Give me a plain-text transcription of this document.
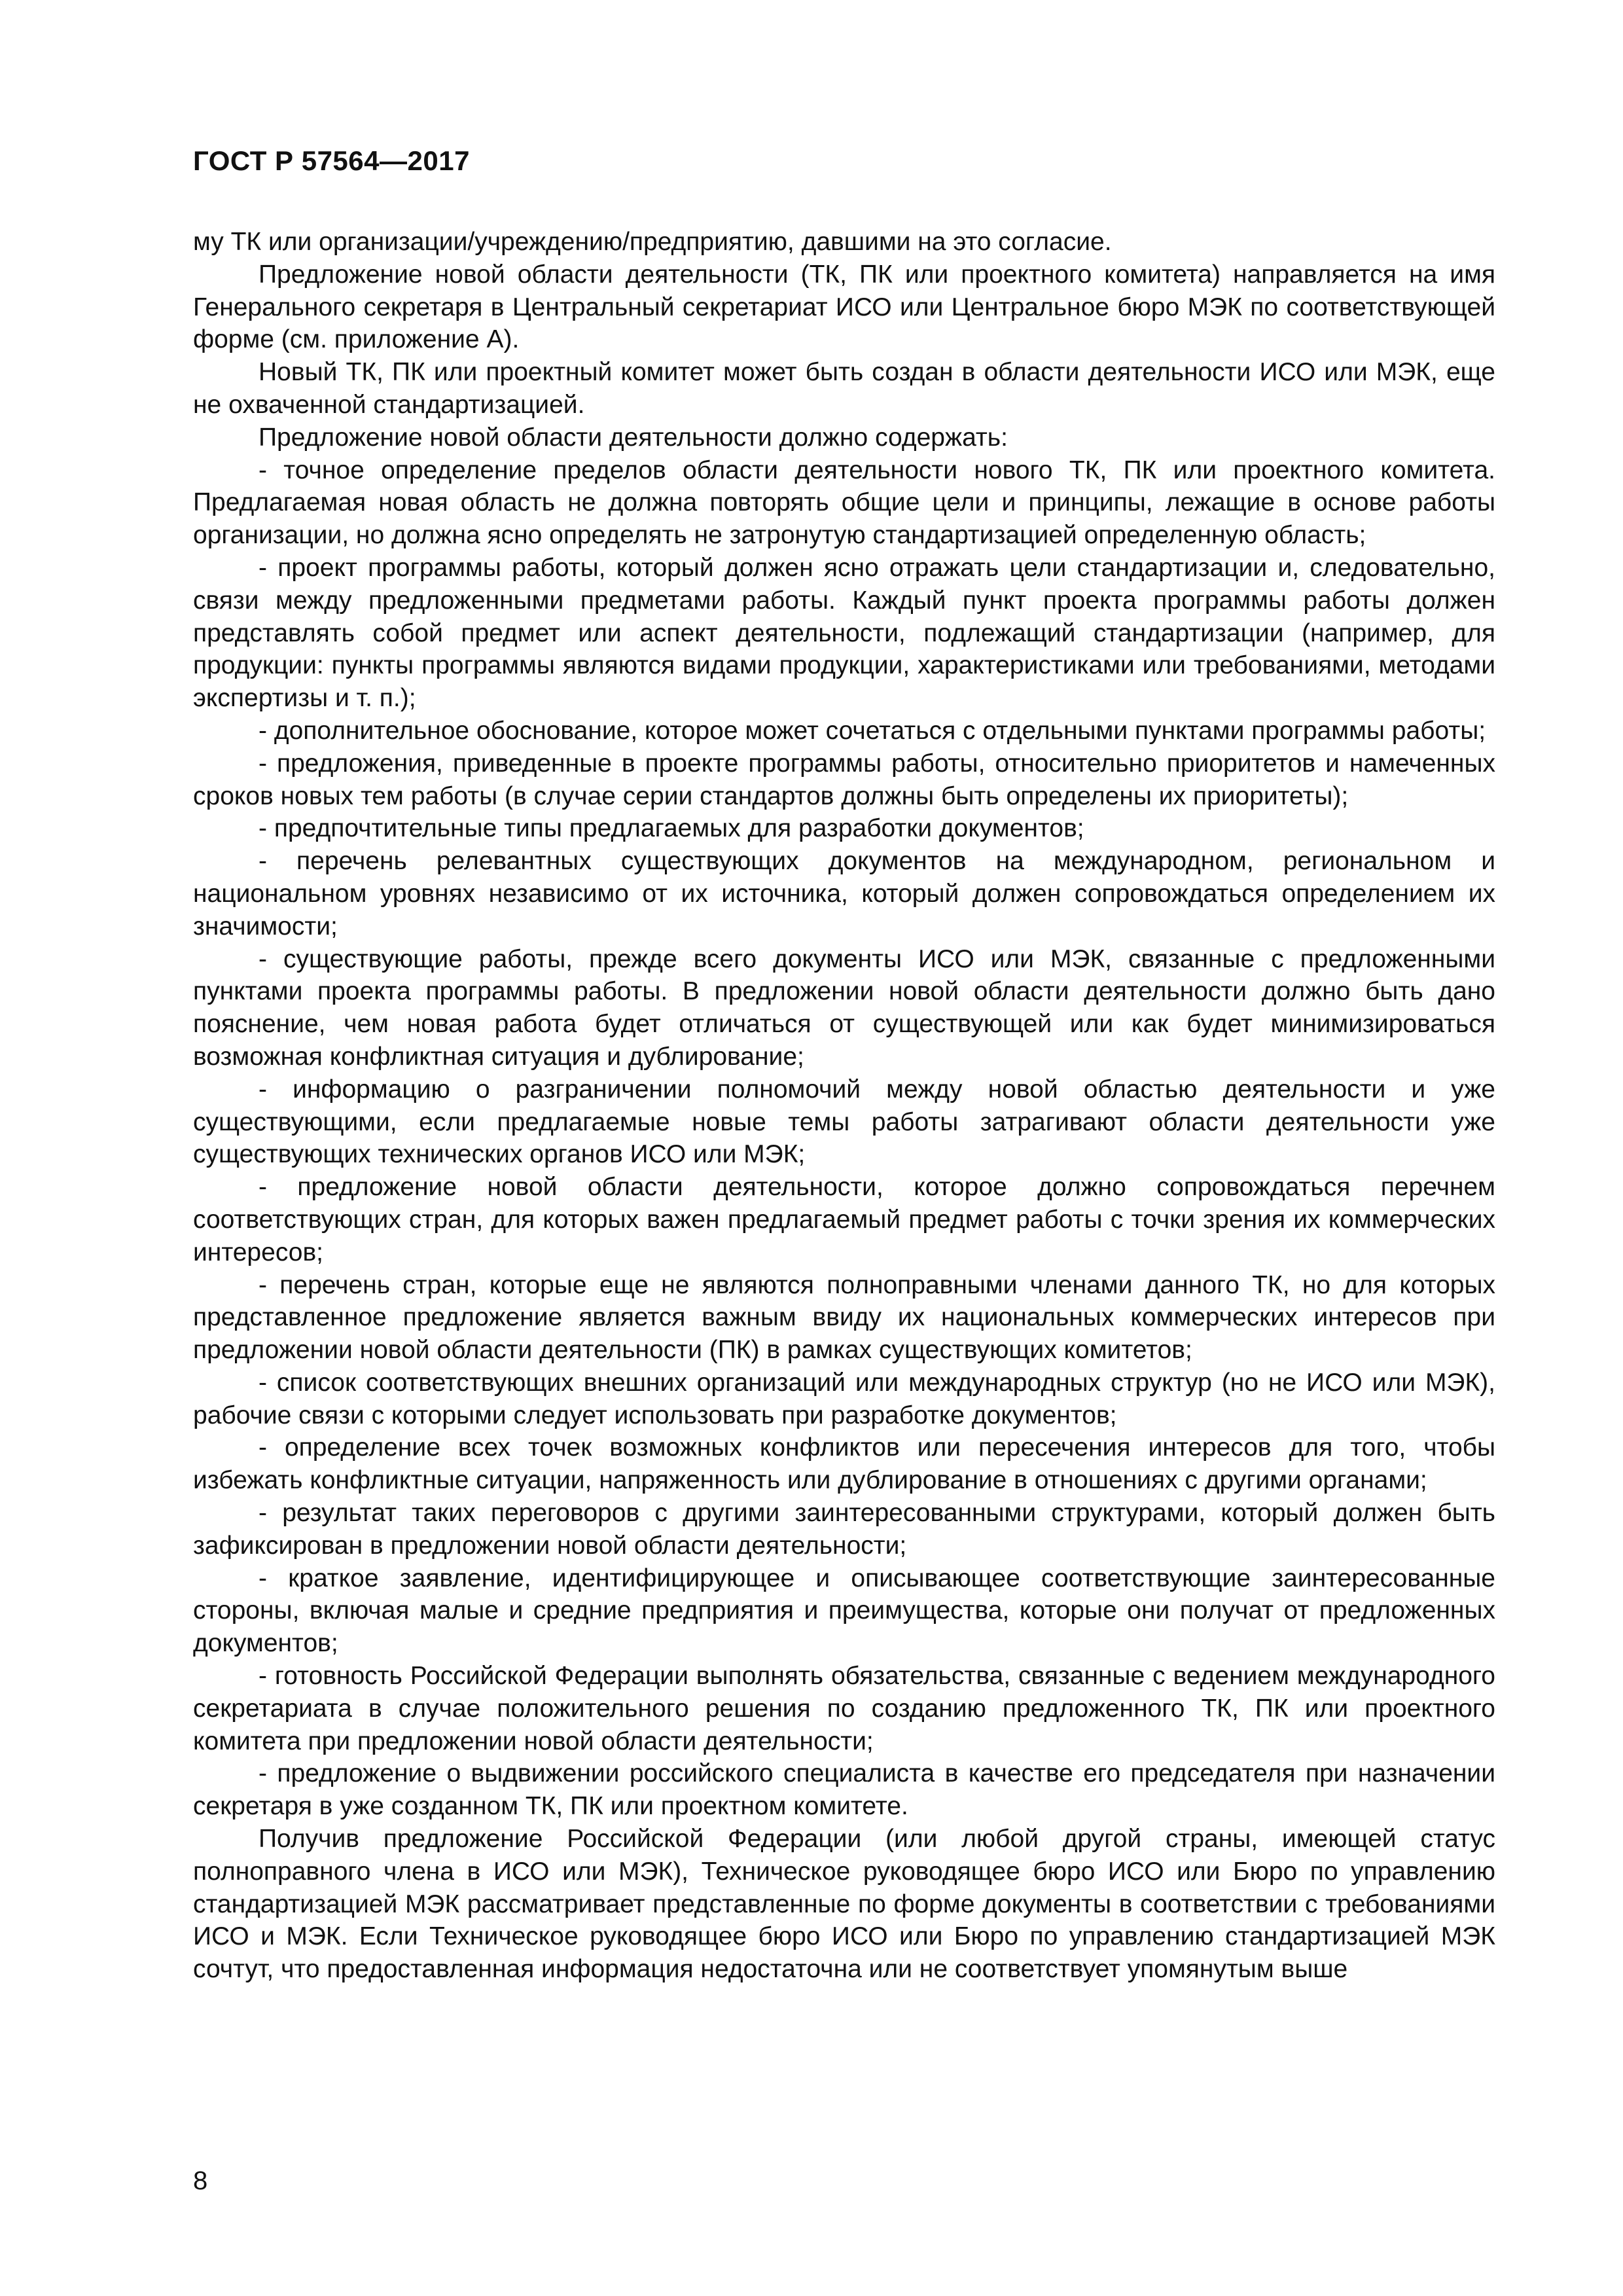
ГОСТ Р 57564—2017

му ТК или организации/учреждению/предприятию, давшими на это согласие.

Предложение новой области деятельности (ТК, ПК или проектного комитета) направляется на имя Генерального секретаря в Центральный секретариат ИСО или Центральное бюро МЭК по соответствующей форме (см. приложение А).

Новый ТК, ПК или проектный комитет может быть создан в области деятельности ИСО или МЭК, еще не охваченной стандартизацией.

Предложение новой области деятельности должно содержать:

- точное определение пределов области деятельности нового ТК, ПК или проектного комитета. Предлагаемая новая область не должна повторять общие цели и принципы, лежащие в основе работы организации, но должна ясно определять не затронутую стандартизацией определенную область;

- проект программы работы, который должен ясно отражать цели стандартизации и, следовательно, связи между предложенными предметами работы. Каждый пункт проекта программы работы должен представлять собой предмет или аспект деятельности, подлежащий стандартизации (например, для продукции: пункты программы являются видами продукции, характеристиками или требованиями, методами экспертизы и т. п.);

- дополнительное обоснование, которое может сочетаться с отдельными пунктами программы работы;

- предложения, приведенные в проекте программы работы, относительно приоритетов и намеченных сроков новых тем работы (в случае серии стандартов должны быть определены их приоритеты);

- предпочтительные типы предлагаемых для разработки документов;

- перечень релевантных существующих документов на международном, региональном и национальном уровнях независимо от их источника, который должен сопровождаться определением их значимости;

- существующие работы, прежде всего документы ИСО или МЭК, связанные с предложенными пунктами проекта программы работы. В предложении новой области деятельности должно быть дано пояснение, чем новая работа будет отличаться от существующей или как будет минимизироваться возможная конфликтная ситуация и дублирование;

- информацию о разграничении полномочий между новой областью деятельности и уже существующими, если предлагаемые новые темы работы затрагивают области деятельности уже существующих технических органов ИСО или МЭК;

- предложение новой области деятельности, которое должно сопровождаться перечнем соответствующих стран, для которых важен предлагаемый предмет работы с точки зрения их коммерческих интересов;

- перечень стран, которые еще не являются полноправными членами данного ТК, но для которых представленное предложение является важным ввиду их национальных коммерческих интересов при предложении новой области деятельности (ПК) в рамках существующих комитетов;

- список соответствующих внешних организаций или международных структур (но не ИСО или МЭК), рабочие связи с которыми следует использовать при разработке документов;

- определение всех точек возможных конфликтов или пересечения интересов для того, чтобы избежать конфликтные ситуации, напряженность или дублирование в отношениях с другими органами;

- результат таких переговоров с другими заинтересованными структурами, который должен быть зафиксирован в предложении новой области деятельности;

- краткое заявление, идентифицирующее и описывающее соответствующие заинтересованные стороны, включая малые и средние предприятия и преимущества, которые они получат от предложенных документов;

- готовность Российской Федерации выполнять обязательства, связанные с ведением международного секретариата в случае положительного решения по созданию предложенного ТК, ПК или проектного комитета при предложении новой области деятельности;

- предложение о выдвижении российского специалиста в качестве его председателя при назначении секретаря в уже созданном ТК, ПК или проектном комитете.

Получив предложение Российской Федерации (или любой другой страны, имеющей статус полноправного члена в ИСО или МЭК), Техническое руководящее бюро ИСО или Бюро по управлению стандартизацией МЭК рассматривает представленные по форме документы в соответствии с требованиями ИСО и МЭК. Если Техническое руководящее бюро ИСО или Бюро по управлению стандартизацией МЭК сочтут, что предоставленная информация недостаточна или не соответствует упомянутым выше

8
